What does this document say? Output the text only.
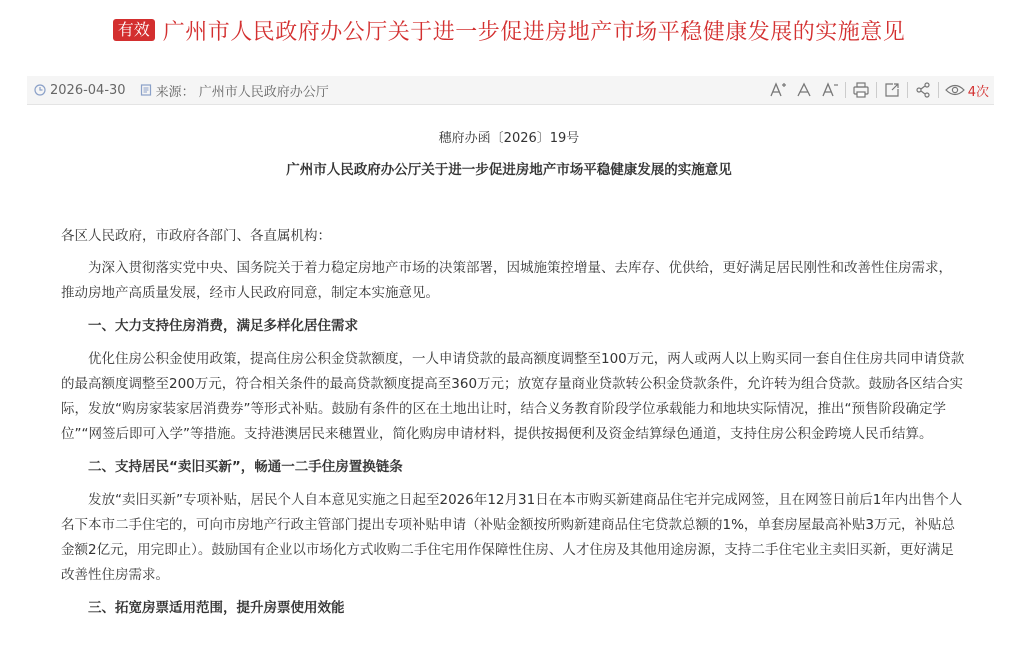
有效 广州市人民政府办公厅关于进一步促进房地产市场平稳健康发展的实施意见
2026-04-30 来源： 广州市人民政府办公厅	4次
穗府办函〔2026〕19号
广州市人民政府办公厅关于进一步促进房地产市场平稳健康发展的实施意见

各区人民政府，市政府各部门、各直属机构：

为深入贯彻落实党中央、国务院关于着力稳定房地产市场的决策部署，因城施策控增量、去库存、优供给，更好满足居民刚性和改善性住房需求，推动房地产高质量发展，经市人民政府同意，制定本实施意见。

一、大力支持住房消费，满足多样化居住需求

优化住房公积金使用政策，提高住房公积金贷款额度，一人申请贷款的最高额度调整至100万元，两人或两人以上购买同一套自住住房共同申请贷款的最高额度调整至200万元，符合相关条件的最高贷款额度提高至360万元；放宽存量商业贷款转公积金贷款条件，允许转为组合贷款。鼓励各区结合实际，发放“购房家装家居消费券”等形式补贴。鼓励有条件的区在土地出让时，结合义务教育阶段学位承载能力和地块实际情况，推出“预售阶段确定学位”“网签后即可入学”等措施。支持港澳居民来穗置业，简化购房申请材料，提供按揭便利及资金结算绿色通道，支持住房公积金跨境人民币结算。

二、支持居民“卖旧买新”，畅通一二手住房置换链条

发放“卖旧买新”专项补贴，居民个人自本意见实施之日起至2026年12月31日在本市购买新建商品住宅并完成网签，且在网签日前后1年内出售个人名下本市二手住宅的，可向市房地产行政主管部门提出专项补贴申请（补贴金额按所购新建商品住宅贷款总额的1%，单套房屋最高补贴3万元，补贴总金额2亿元，用完即止）。鼓励国有企业以市场化方式收购二手住宅用作保障性住房、人才住房及其他用途房源，支持二手住宅业主卖旧买新，更好满足改善性住房需求。

三、拓宽房票适用范围，提升房票使用效能
